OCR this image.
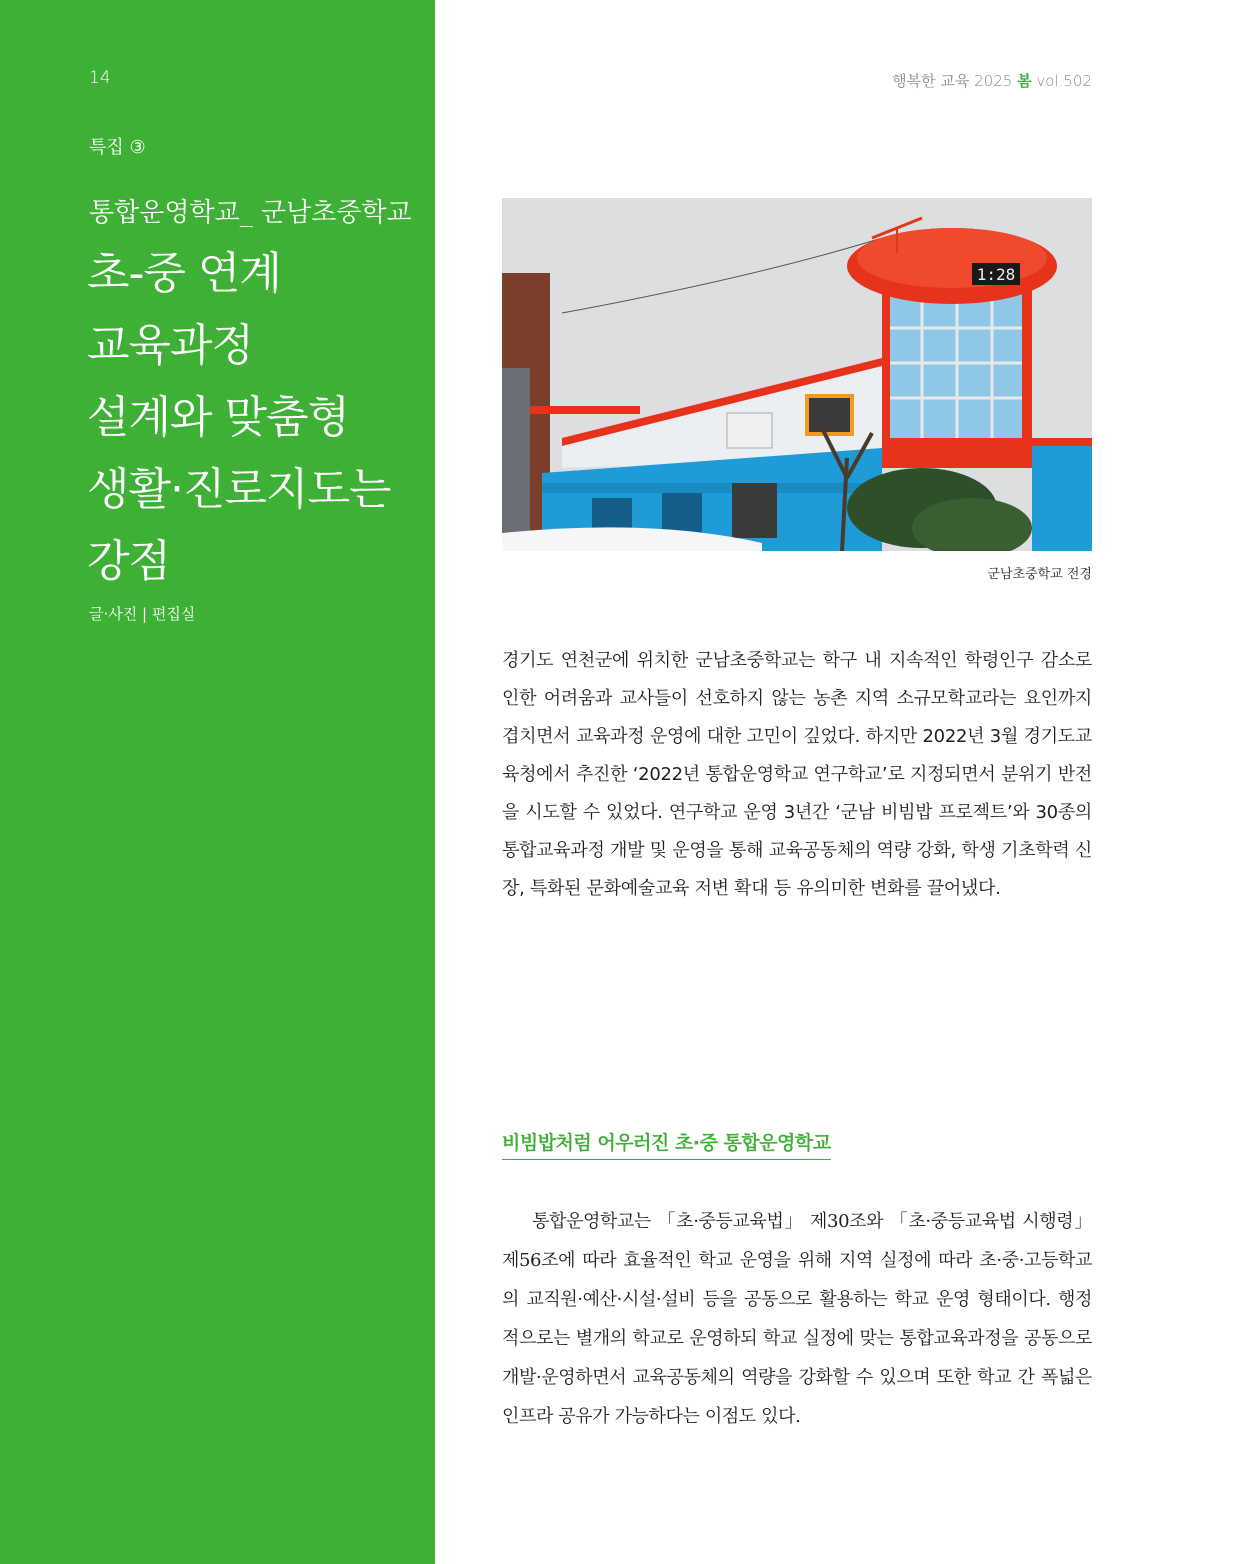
14
특집 ③
통합운영학교_ 군남초중학교
초-중 연계
교육과정
설계와 맞춤형
생활·진로지도는
강점
글·사진 | 편집실
행복한 교육 2025 봄 vol.502
1:28
군남초중학교 전경

경기도 연천군에 위치한 군남초중학교는 학구 내 지속적인 학령인구 감소로 인한 어려움과 교사들이 선호하지 않는 농촌 지역 소규모학교라는 요인까지 겹치면서 교육과정 운영에 대한 고민이 깊었다. 하지만 2022년 3월 경기도교육청에서 추진한 ‘2022년 통합운영학교 연구학교’로 지정되면서 분위기 반전을 시도할 수 있었다. 연구학교 운영 3년간 ‘군남 비빔밥 프로젝트’와 30종의 통합교육과정 개발 및 운영을 통해 교육공동체의 역량 강화, 학생 기초학력 신장, 특화된 문화예술교육 저변 확대 등 유의미한 변화를 끌어냈다.

비빔밥처럼 어우러진 초·중 통합운영학교

통합운영학교는 「초·중등교육법」 제30조와 「초·중등교육법 시행령」 제56조에 따라 효율적인 학교 운영을 위해 지역 실정에 따라 초·중·고등학교의 교직원·예산·시설·설비 등을 공동으로 활용하는 학교 운영 형태이다. 행정적으로는 별개의 학교로 운영하되 학교 실정에 맞는 통합교육과정을 공동으로 개발·운영하면서 교육공동체의 역량을 강화할 수 있으며 또한 학교 간 폭넓은 인프라 공유가 가능하다는 이점도 있다.
